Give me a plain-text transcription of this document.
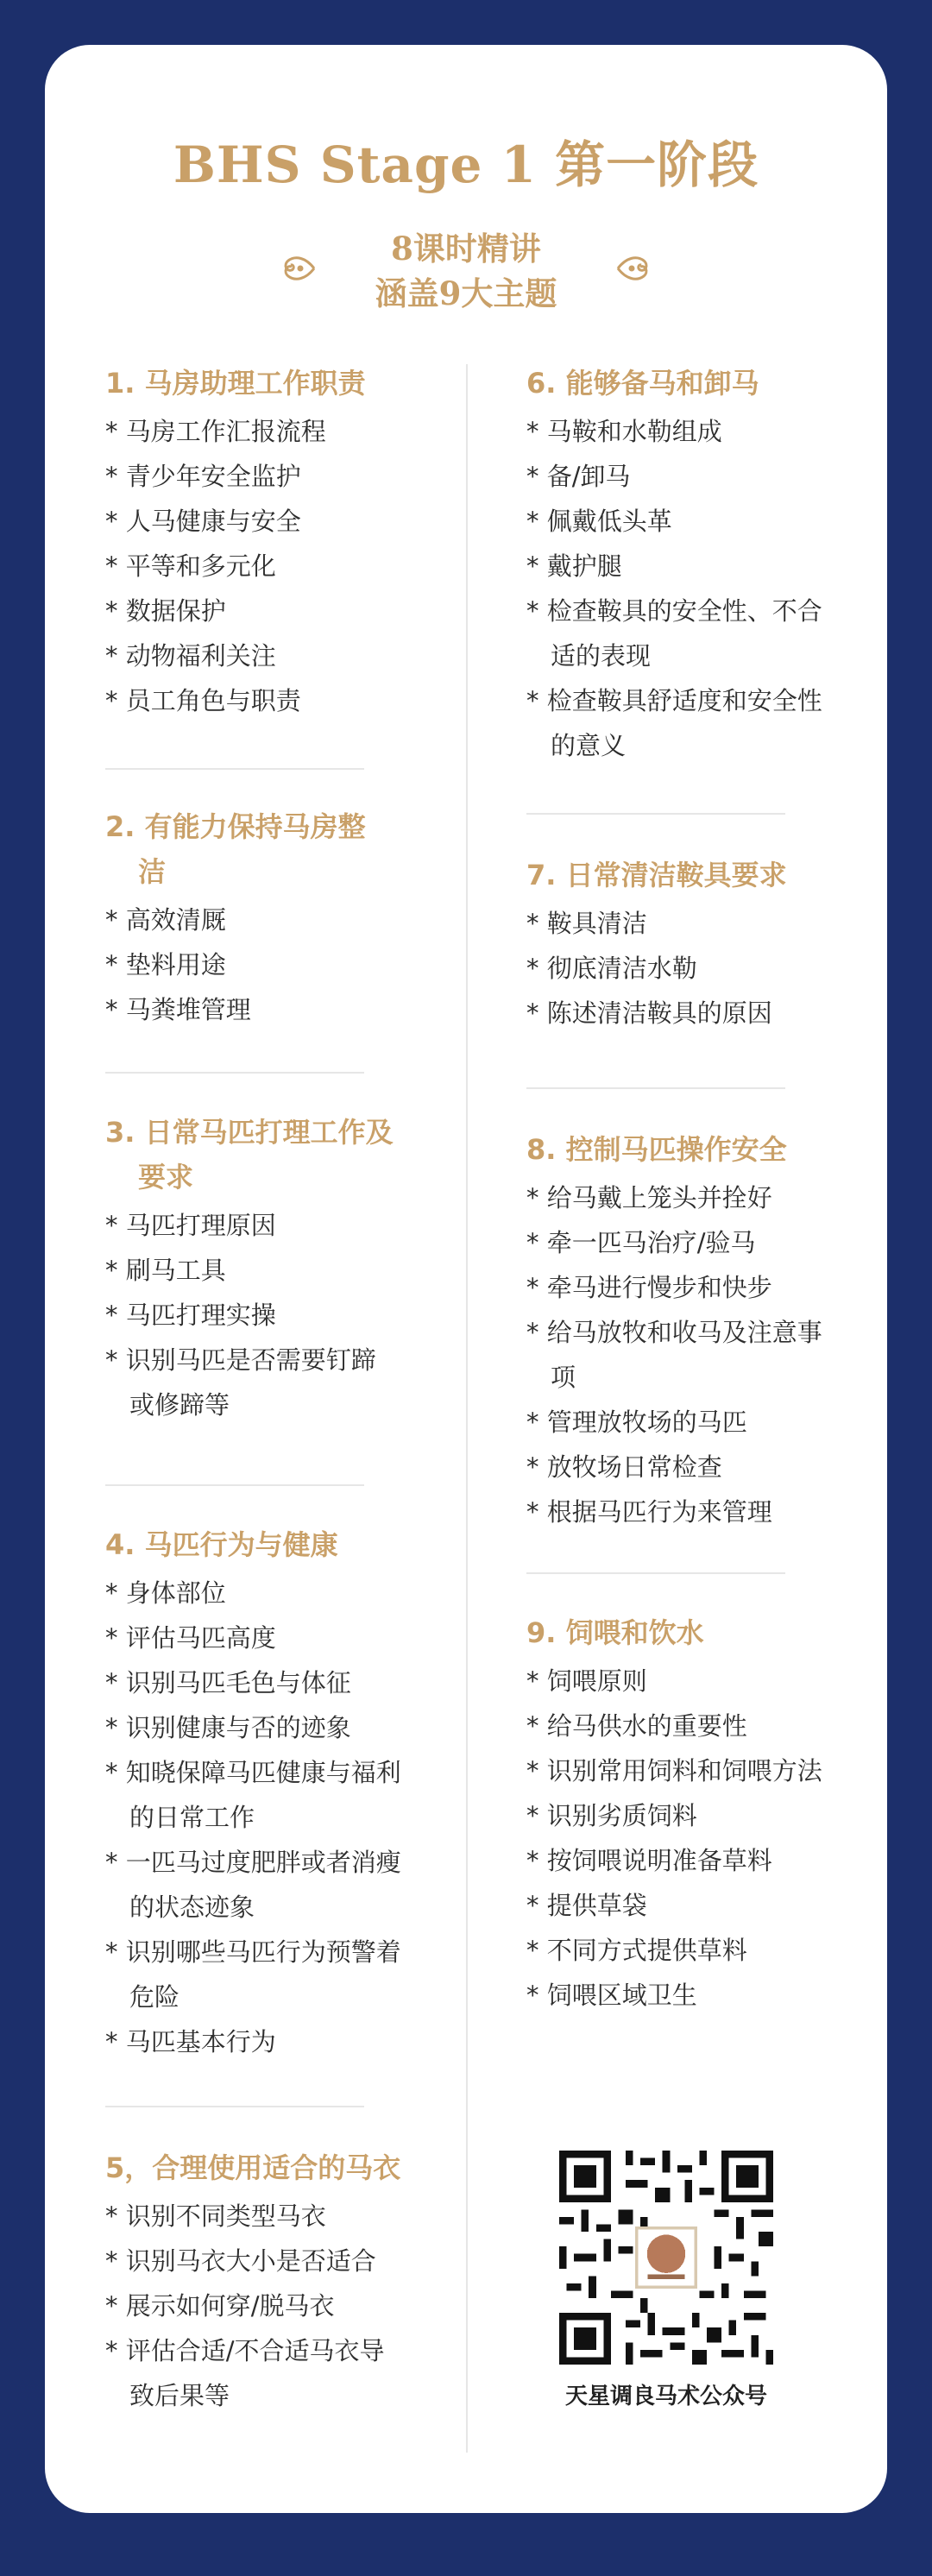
BHS Stage 1 第一阶段
8课时精讲
涵盖9大主题
1. 马房助理工作职责
* 马房工作汇报流程
* 青少年安全监护
* 人马健康与安全
* 平等和多元化
* 数据保护
* 动物福利关注
* 员工角色与职责
2. 有能力保持马房整洁
* 高效清厩
* 垫料用途
* 马粪堆管理
3. 日常马匹打理工作及要求
* 马匹打理原因
* 刷马工具
* 马匹打理实操
* 识别马匹是否需要钉蹄或修蹄等
4. 马匹行为与健康
* 身体部位
* 评估马匹高度
* 识别马匹毛色与体征
* 识别健康与否的迹象
* 知晓保障马匹健康与福利的日常工作
* 一匹马过度肥胖或者消瘦的状态迹象
* 识别哪些马匹行为预警着危险
* 马匹基本行为
5，合理使用适合的马衣
* 识别不同类型马衣
* 识别马衣大小是否适合
* 展示如何穿/脱马衣
* 评估合适/不合适马衣导致后果等
6. 能够备马和卸马
* 马鞍和水勒组成
* 备/卸马
* 佩戴低头革
* 戴护腿
* 检查鞍具的安全性、不合适的表现
* 检查鞍具舒适度和安全性的意义
7. 日常清洁鞍具要求
* 鞍具清洁
* 彻底清洁水勒
* 陈述清洁鞍具的原因
8. 控制马匹操作安全
* 给马戴上笼头并拴好
* 牵一匹马治疗/验马
* 牵马进行慢步和快步
* 给马放牧和收马及注意事项
* 管理放牧场的马匹
* 放牧场日常检查
* 根据马匹行为来管理
9. 饲喂和饮水
* 饲喂原则
* 给马供水的重要性
* 识别常用饲料和饲喂方法
* 识别劣质饲料
* 按饲喂说明准备草料
* 提供草袋
* 不同方式提供草料
* 饲喂区域卫生
天星调良马术公众号
